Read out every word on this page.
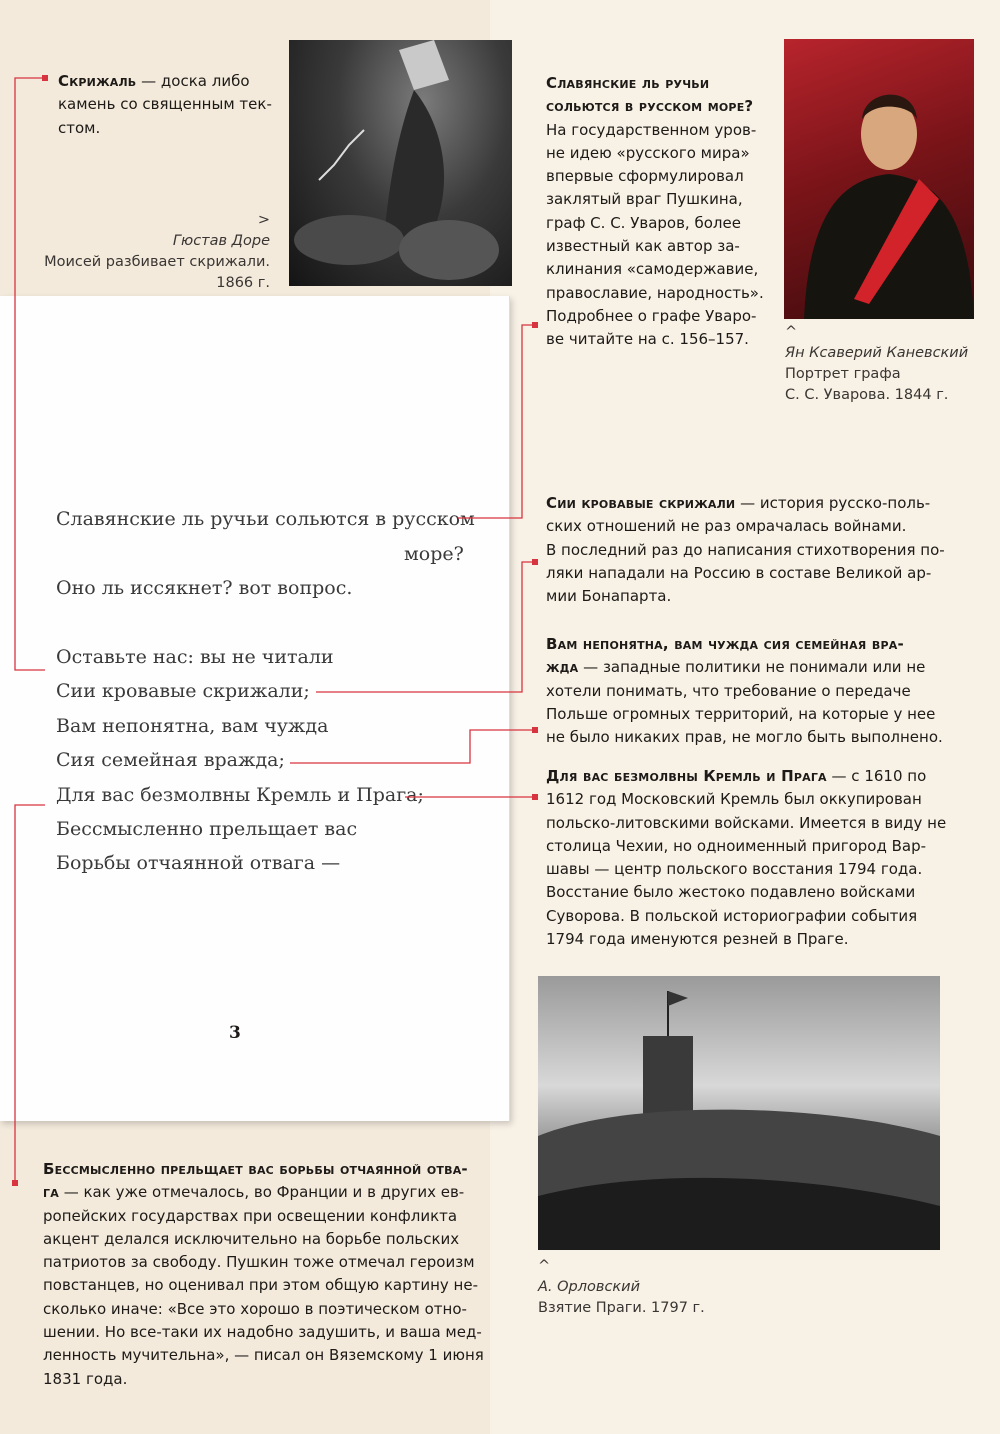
Скрижаль — доска либо
камень со священным тек-
стом.
>
Гюстав Доре
Моисей разбивает скрижали.
1866 г.
^
Ян Ксаверий Каневский
Портрет графа
С. С. Уварова. 1844 г.
Славянские ль ручьи
сольются в русском море?
На государственном уров-
не идею «русского мира»
впервые сформулировал
заклятый враг Пушкина,
граф С. С. Уваров, более
известный как автор за-
клинания «самодержавие,
православие, народность».
Подробнее о графе Уваро-
ве читайте на с. 156–157.
Славянские ль ручьи сольются в русском
море?
Оно ль иссякнет? вот вопрос.
Оставьте нас: вы не читали
Сии кровавые скрижали;
Вам непонятна, вам чужда
Сия семейная вражда;
Для вас безмолвны Кремль и Прага;
Бессмысленно прельщает вас
Борьбы отчаянной отвага —
3
Сии кровавые скрижали — история русско-поль-
ских отношений не раз омрачалась войнами.
В последний раз до написания стихотворения по-
ляки нападали на Россию в составе Великой ар-
мии Бонапарта.
Вам непонятна, вам чужда сия семейная вра-
жда — западные политики не понимали или не
хотели понимать, что требование о передаче
Польше огромных территорий, на которые у нее
не было никаких прав, не могло быть выполнено.
Для вас безмолвны Кремль и Прага — с 1610 по
1612 год Московский Кремль был оккупирован
польско-литовскими войсками. Имеется в виду не
столица Чехии, но одноименный пригород Вар-
шавы — центр польского восстания 1794 года.
Восстание было жестоко подавлено войсками
Суворова. В польской историографии события
1794 года именуются резней в Праге.
^
А. Орловский
Взятие Праги. 1797 г.
Бессмысленно прельщает вас борьбы отчаянной отва-
га — как уже отмечалось, во Франции и в других ев-
ропейских государствах при освещении конфликта
акцент делался исключительно на борьбе польских
патриотов за свободу. Пушкин тоже отмечал героизм
повстанцев, но оценивал при этом общую картину не-
сколько иначе: «Все это хорошо в поэтическом отно-
шении. Но все-таки их надобно задушить, и ваша мед-
ленность мучительна», — писал он Вяземскому 1 июня
1831 года.
